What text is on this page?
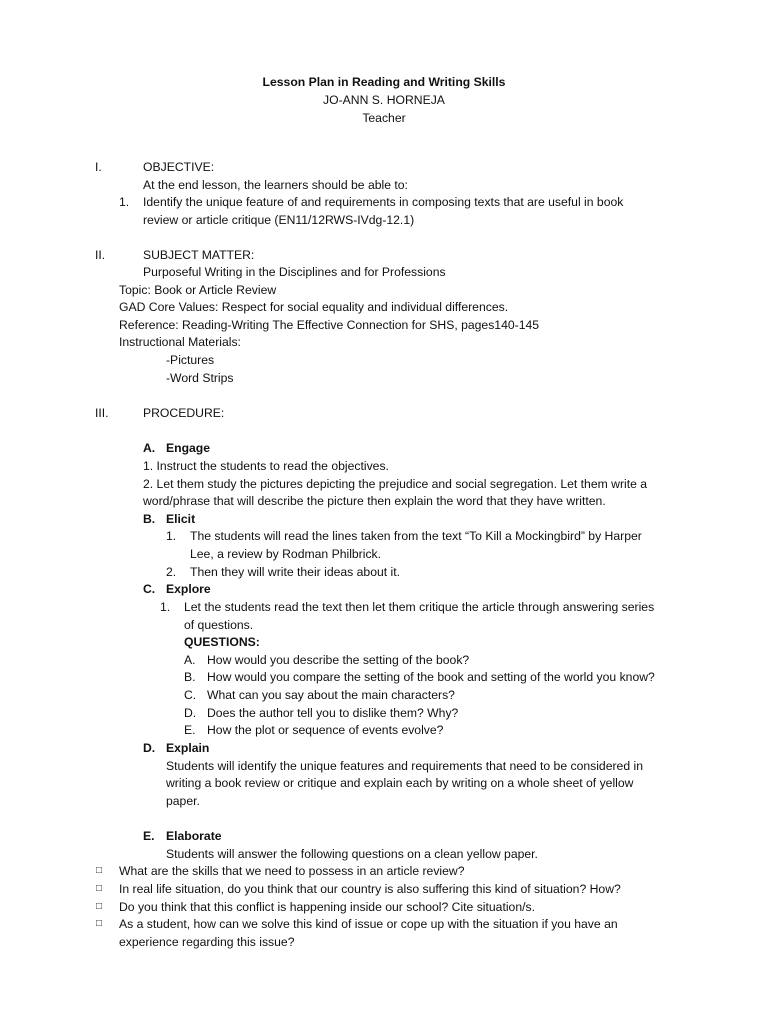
Lesson Plan in Reading and Writing Skills
JO-ANN S. HORNEJA
Teacher
I.	OBJECTIVE:
At the end lesson, the learners should be able to:
1. Identify the unique feature of and requirements in composing texts that are useful in book
review or article critique (EN11/12RWS-IVdg-12.1)
II.	SUBJECT MATTER:
Purposeful Writing in the Disciplines and for Professions
Topic: Book or Article Review
GAD Core Values: Respect for social equality and individual differences.
Reference: Reading-Writing The Effective Connection for SHS, pages140-145
Instructional Materials:
-Pictures
-Word Strips
III.	PROCEDURE:
A. Engage
1. Instruct the students to read the objectives.
2. Let them study the pictures depicting the prejudice and social segregation. Let them write a
word/phrase that will describe the picture then explain the word that they have written.
B. Elicit
1. The students will read the lines taken from the text “To Kill a Mockingbird” by Harper
Lee, a review by Rodman Philbrick.
2. Then they will write their ideas about it.
C. Explore
1. Let the students read the text then let them critique the article through answering series
of questions.
QUESTIONS:
A. How would you describe the setting of the book?
B. How would you compare the setting of the book and setting of the world you know?
C. What can you say about the main characters?
D. Does the author tell you to dislike them? Why?
E. How the plot or sequence of events evolve?
D. Explain
Students will identify the unique features and requirements that need to be considered in
writing a book review or critique and explain each by writing on a whole sheet of yellow
paper.
E. Elaborate
Students will answer the following questions on a clean yellow paper.
□ What are the skills that we need to possess in an article review?
□ In real life situation, do you think that our country is also suffering this kind of situation? How?
□ Do you think that this conflict is happening inside our school? Cite situation/s.
□ As a student, how can we solve this kind of issue or cope up with the situation if you have an
experience regarding this issue?
